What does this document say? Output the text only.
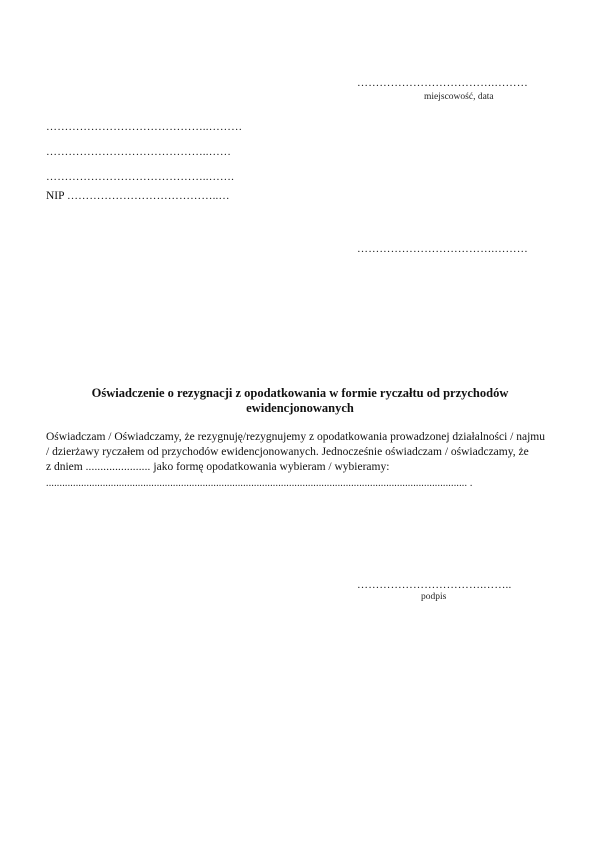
……………………………….………
miejscowość, data
……………………………………..………
……………………………………..……
……………………………………..…….
NIP …………………………………..…
……………………………….………
Oświadczenie o rezygnacji z opodatkowania w formie ryczałtu od przychodów
ewidencjonowanych
Oświadczam / Oświadczamy, że rezygnuję/rezygnujemy z opodatkowania prowadzonej działalności / najmu
/ dzierżawy ryczałem od przychodów ewidencjonowanych. Jednocześnie oświadczam / oświadczamy, że
z dniem ...................... jako formę opodatkowania wybieram / wybieramy:
............................................................................................................................................................ .
…………………………….……..
podpis
